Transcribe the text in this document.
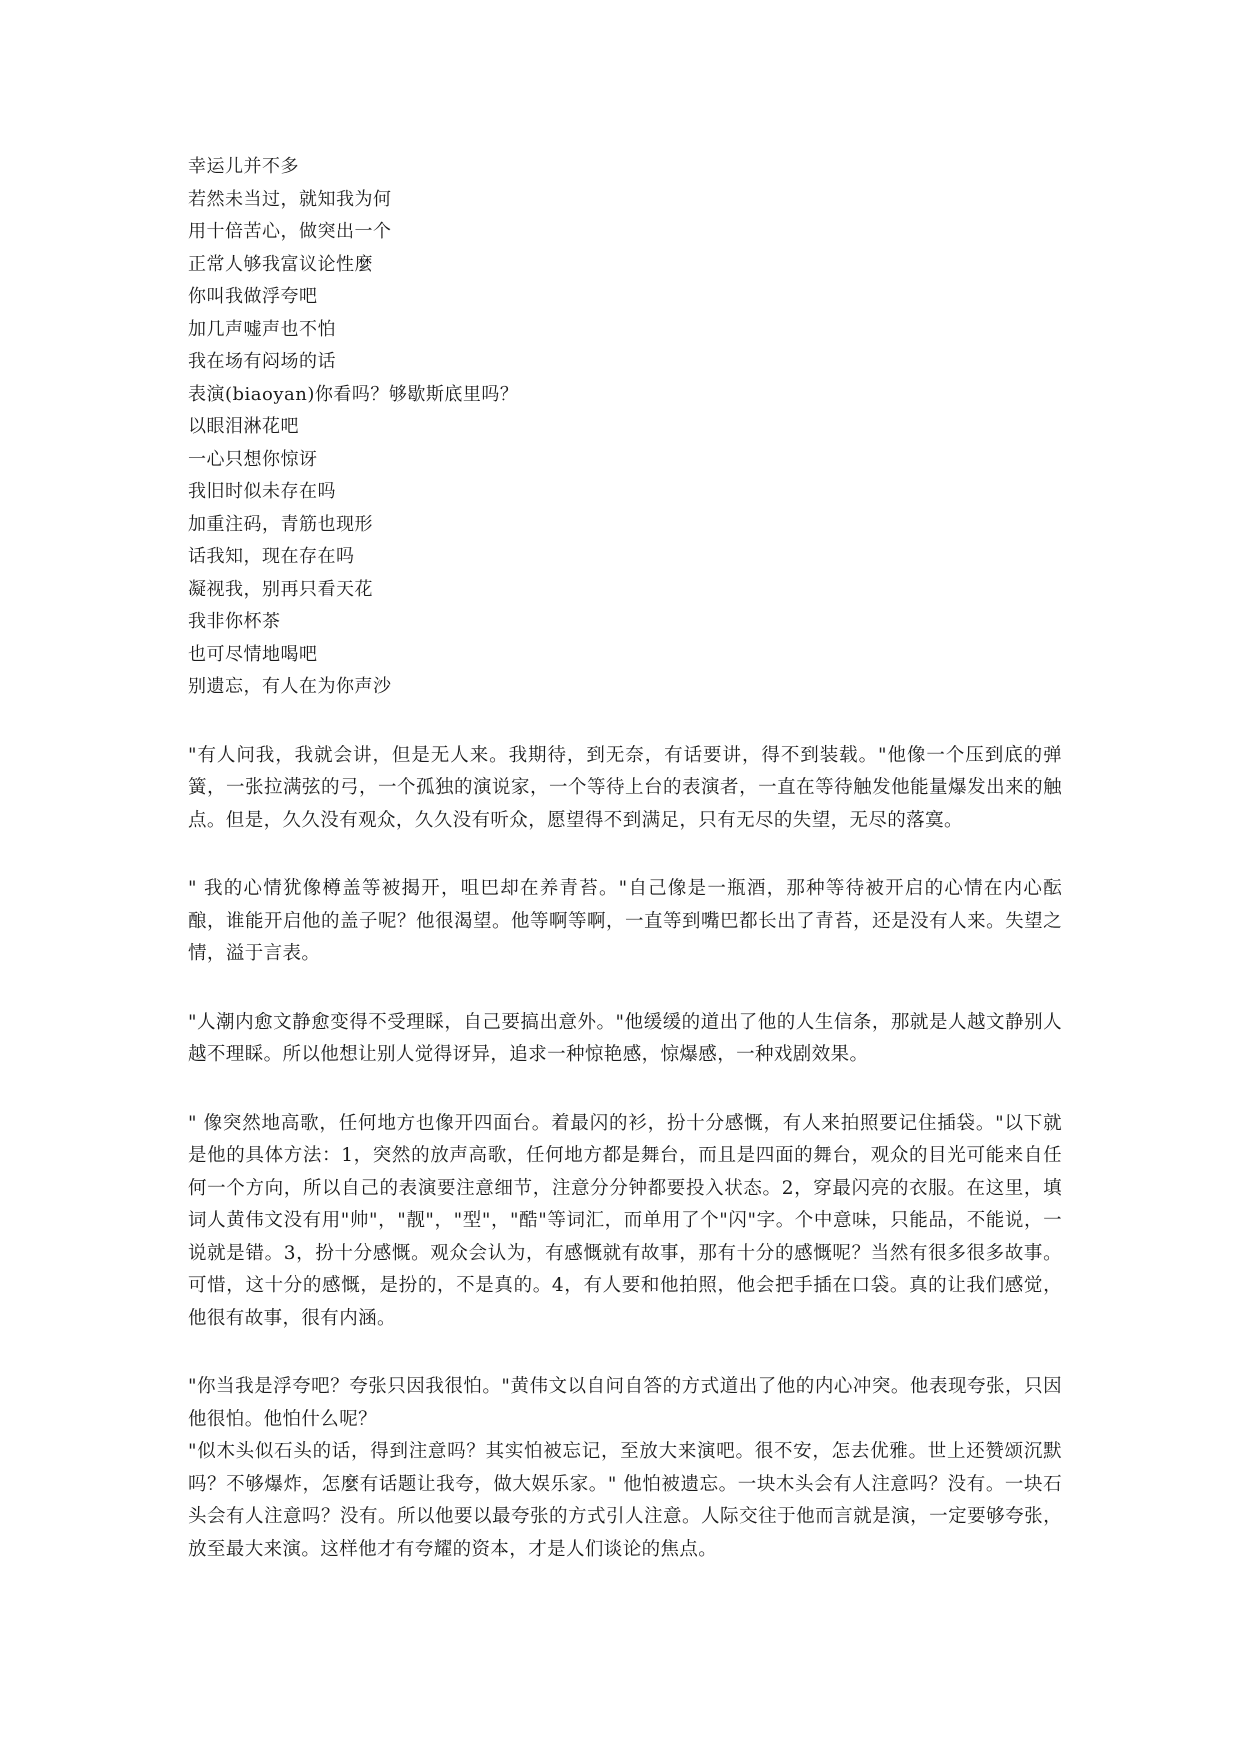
幸运儿并不多
若然未当过，就知我为何
用十倍苦心，做突出一个
正常人够我富议论性麼
你叫我做浮夸吧
加几声嘘声也不怕
我在场有闷场的话
表演(biaoyan)你看吗？够歇斯底里吗？
以眼泪淋花吧
一心只想你惊讶
我旧时似未存在吗
加重注码，青筋也现形
话我知，现在存在吗
凝视我，别再只看天花
我非你杯茶
也可尽情地喝吧
别遗忘，有人在为你声沙

"有人问我，我就会讲，但是无人来。我期待，到无奈，有话要讲，得不到装载。"他像一个压到底的弹簧，一张拉满弦的弓，一个孤独的演说家，一个等待上台的表演者，一直在等待触发他能量爆发出来的触点。但是，久久没有观众，久久没有听众，愿望得不到满足，只有无尽的失望，无尽的落寞。

" 我的心情犹像樽盖等被揭开，咀巴却在养青苔。"自己像是一瓶酒，那种等待被开启的心情在内心酝酿，谁能开启他的盖子呢？他很渴望。他等啊等啊，一直等到嘴巴都长出了青苔，还是没有人来。失望之情，溢于言表。

"人潮内愈文静愈变得不受理睬，自己要搞出意外。"他缓缓的道出了他的人生信条，那就是人越文静别人越不理睬。所以他想让别人觉得讶异，追求一种惊艳感，惊爆感，一种戏剧效果。

" 像突然地高歌，任何地方也像开四面台。着最闪的衫，扮十分感慨，有人来拍照要记住插袋。"以下就是他的具体方法：1，突然的放声高歌，任何地方都是舞台，而且是四面的舞台，观众的目光可能来自任何一个方向，所以自己的表演要注意细节，注意分分钟都要投入状态。2，穿最闪亮的衣服。在这里，填词人黄伟文没有用"帅"，"靓"，"型"，"酷"等词汇，而单用了个"闪"字。个中意味，只能品，不能说，一说就是错。3，扮十分感慨。观众会认为，有感慨就有故事，那有十分的感慨呢？当然有很多很多故事。可惜，这十分的感慨，是扮的，不是真的。4，有人要和他拍照，他会把手插在口袋。真的让我们感觉，他很有故事，很有内涵。

"你当我是浮夸吧？夸张只因我很怕。"黄伟文以自问自答的方式道出了他的内心冲突。他表现夸张，只因他很怕。他怕什么呢？
"似木头似石头的话，得到注意吗？其实怕被忘记，至放大来演吧。很不安，怎去优雅。世上还赞颂沉默吗？不够爆炸，怎麼有话题让我夸，做大娱乐家。" 他怕被遗忘。一块木头会有人注意吗？没有。一块石头会有人注意吗？没有。所以他要以最夸张的方式引人注意。人际交往于他而言就是演，一定要够夸张，放至最大来演。这样他才有夸耀的资本，才是人们谈论的焦点。
